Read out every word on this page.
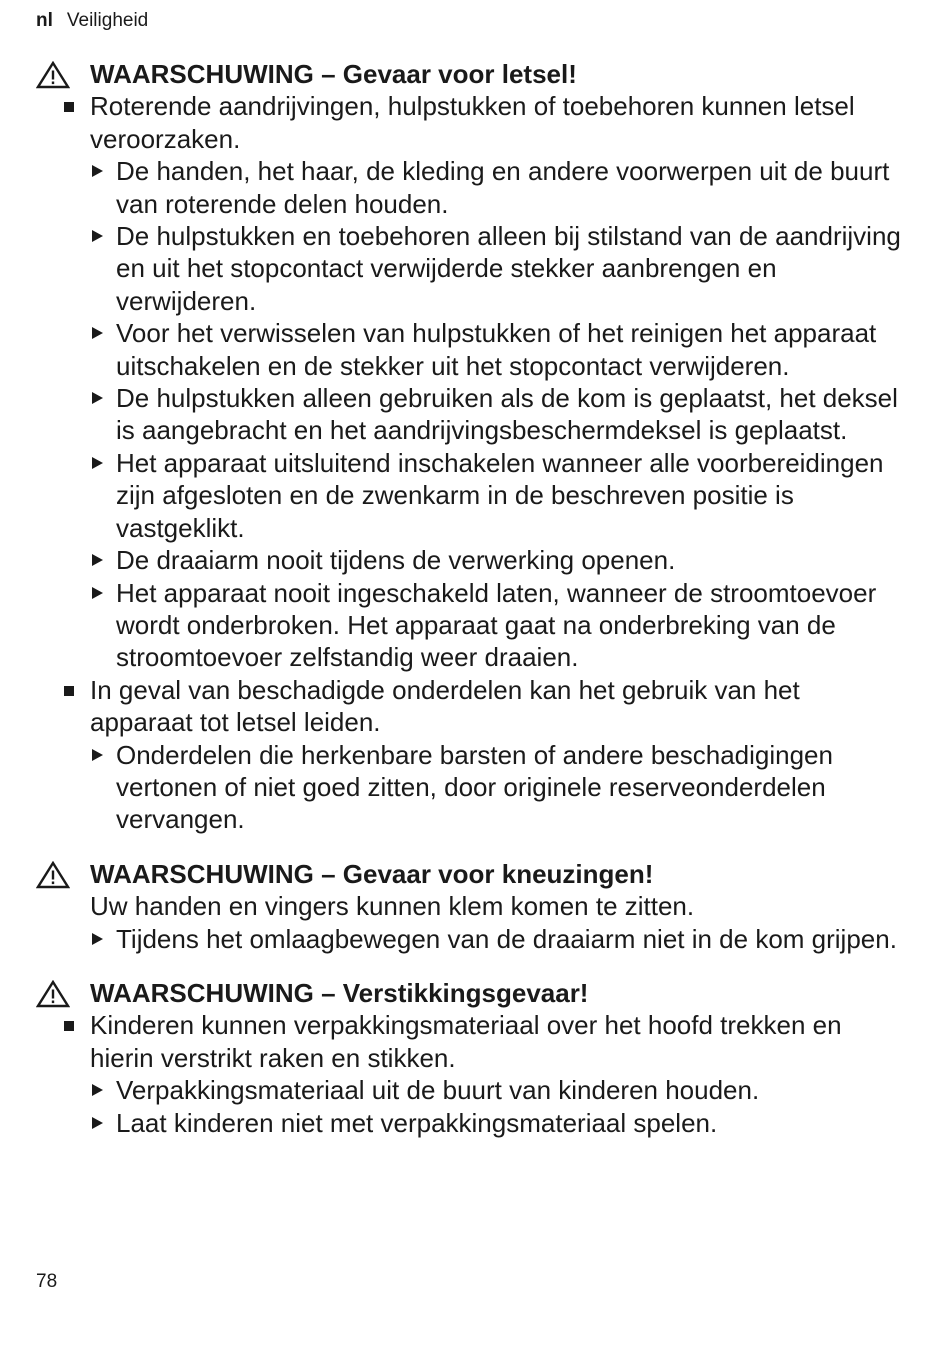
nl Veiligheid
WAARSCHUWING – Gevaar voor letsel!
Roterende aandrijvingen, hulpstukken of toebehoren kunnen letsel veroorzaken.
De handen, het haar, de kleding en andere voorwerpen uit de buurt van roterende delen houden.
De hulpstukken en toebehoren alleen bij stilstand van de aandrijving en uit het stopcontact verwijderde stekker aanbrengen en verwijderen.
Voor het verwisselen van hulpstukken of het reinigen het apparaat uitschakelen en de stekker uit het stopcontact verwijderen.
De hulpstukken alleen gebruiken als de kom is geplaatst, het deksel is aangebracht en het aandrijvingsbeschermdeksel is geplaatst.
Het apparaat uitsluitend inschakelen wanneer alle voorbereidingen zijn afgesloten en de zwenkarm in de beschreven positie is vastgeklikt.
De draaiarm nooit tijdens de verwerking openen.
Het apparaat nooit ingeschakeld laten, wanneer de stroomtoevoer wordt onderbroken. Het apparaat gaat na onderbreking van de stroomtoevoer zelfstandig weer draaien.
In geval van beschadigde onderdelen kan het gebruik van het apparaat tot letsel leiden.
Onderdelen die herkenbare barsten of andere beschadigingen vertonen of niet goed zitten, door originele reserveonderdelen vervangen.
WAARSCHUWING – Gevaar voor kneuzingen!
Uw handen en vingers kunnen klem komen te zitten.
Tijdens het omlaagbewegen van de draaiarm niet in de kom grijpen.
WAARSCHUWING – Verstikkingsgevaar!
Kinderen kunnen verpakkingsmateriaal over het hoofd trekken en hierin verstrikt raken en stikken.
Verpakkingsmateriaal uit de buurt van kinderen houden.
Laat kinderen niet met verpakkingsmateriaal spelen.
78
